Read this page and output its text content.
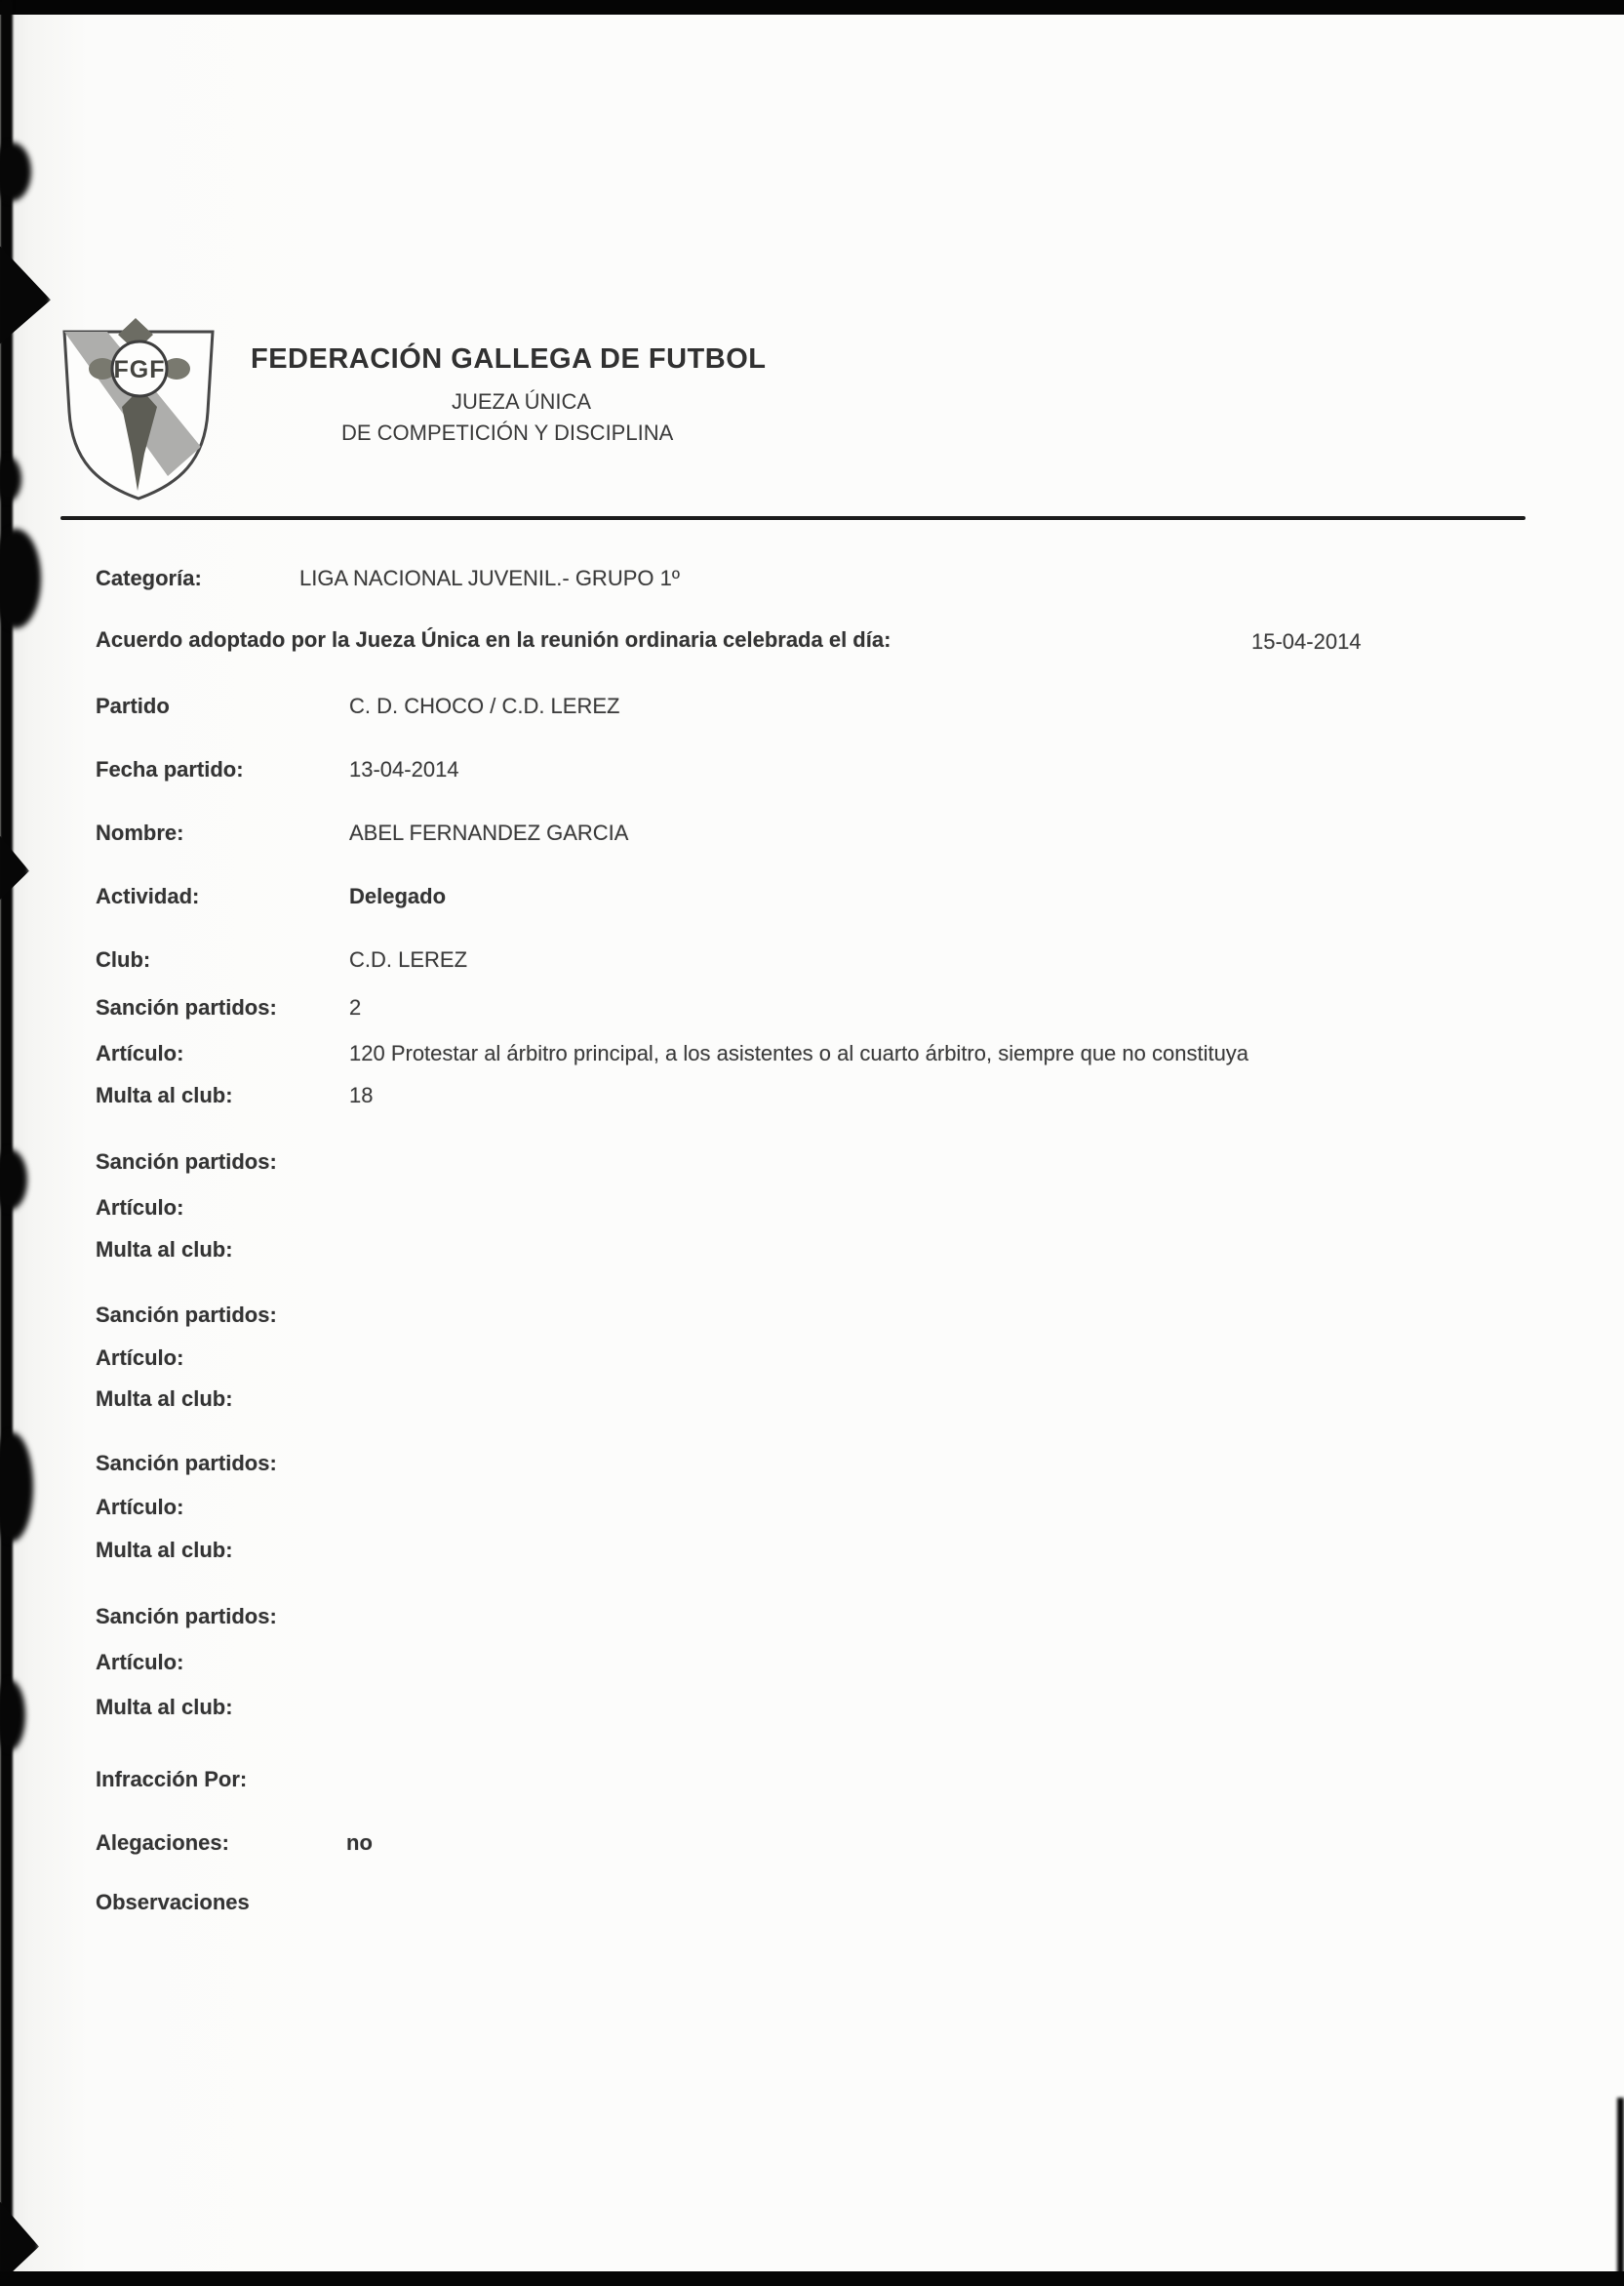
FGF	FEDERACIÓN GALLEGA DE FUTBOL
JUEZA ÚNICA
DE COMPETICIÓN Y DISCIPLINA
Categoría:	LIGA NACIONAL JUVENIL.- GRUPO 1º
Acuerdo adoptado por la Jueza Única en la reunión ordinaria celebrada el día:	15-04-2014
Partido	C. D. CHOCO / C.D. LEREZ
Fecha partido:	13-04-2014
Nombre:	ABEL FERNANDEZ GARCIA
Actividad:	Delegado
Club:	C.D. LEREZ
Sanción partidos:	2
Artículo:	120 Protestar al árbitro principal, a los asistentes o al cuarto árbitro, siempre que no constituya
Multa al club:	18
Sanción partidos:
Artículo:
Multa al club:
Sanción partidos:
Artículo:
Multa al club:
Sanción partidos:
Artículo:
Multa al club:
Sanción partidos:
Artículo:
Multa al club:
Infracción Por:
Alegaciones:	no
Observaciones
